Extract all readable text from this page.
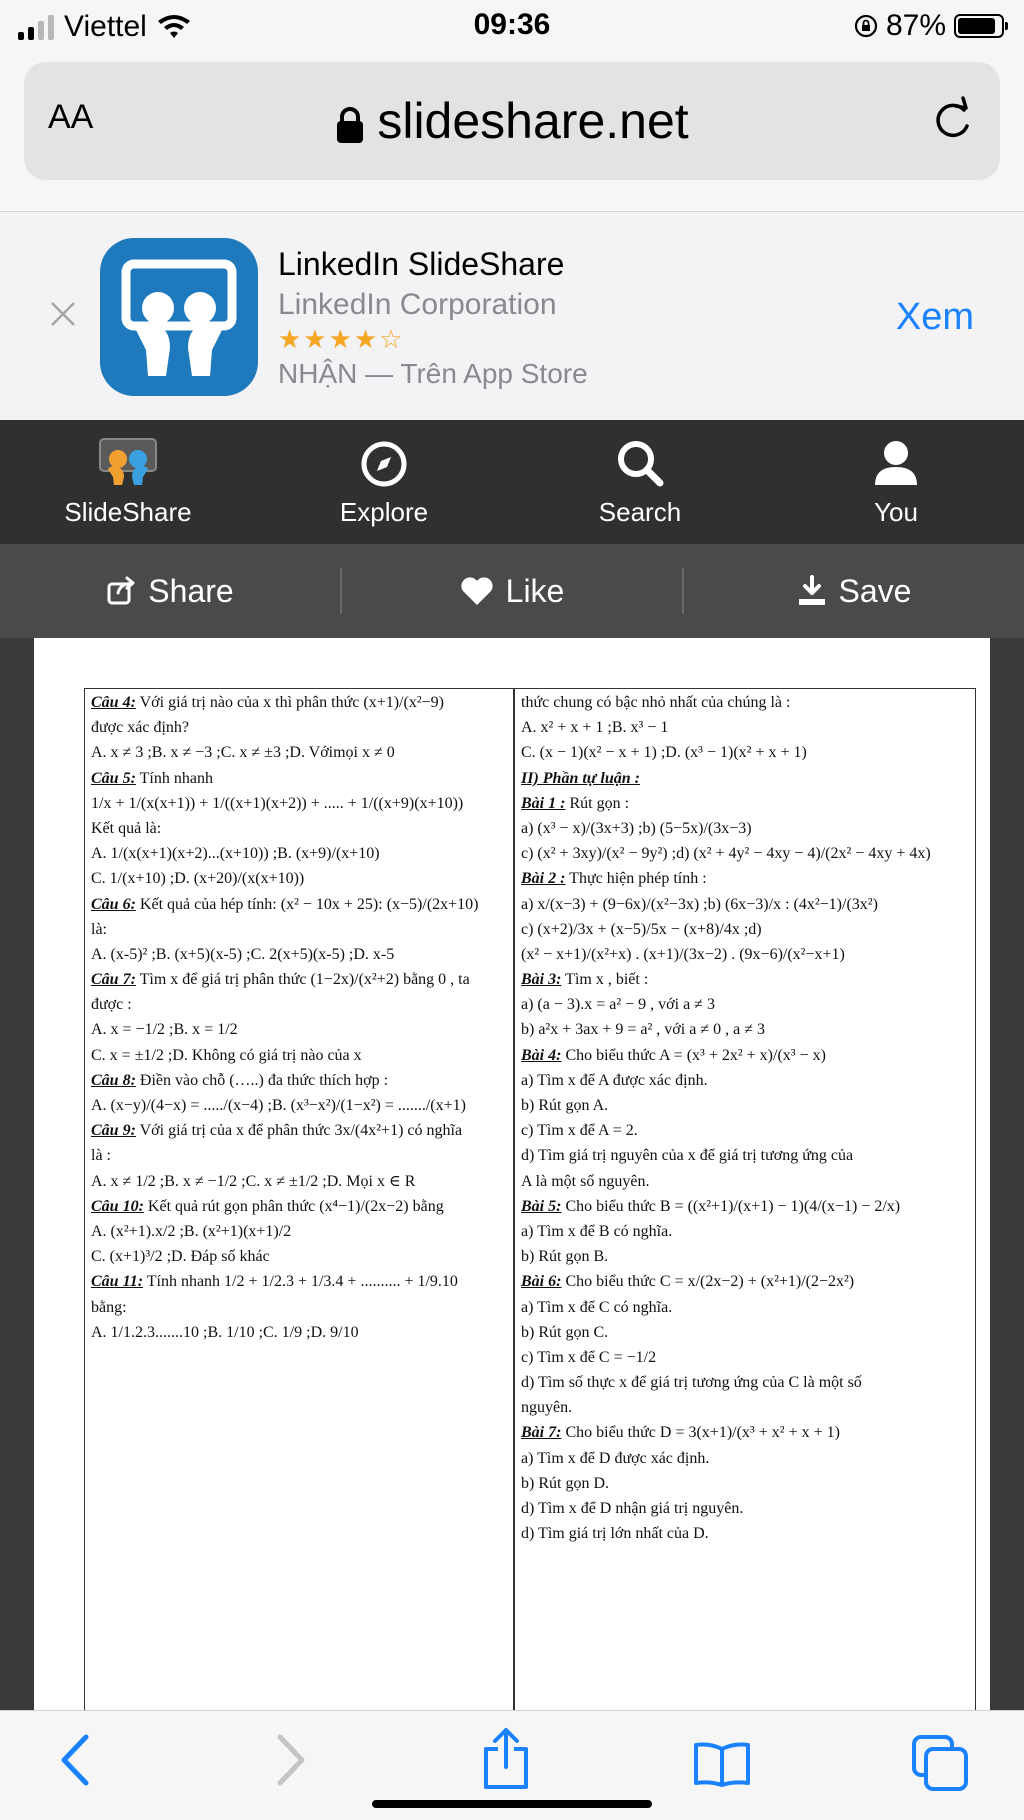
Viettel	09:36	87%
AA	slideshare.net
LinkedIn SlideShare
LinkedIn Corporation
★★★★☆
NHẬN — Trên App Store
Xem
SlideShare	Explore	Search	You
Share	Like	Save
Câu 4: Với giá trị nào của x thì phân thức (x+1)/(x²−9)
được xác định?
A. x ≠ 3 ;B. x ≠ −3 ;C. x ≠ ±3 ;D. Vớimọi x ≠ 0
Câu 5: Tính nhanh
1/x + 1/(x(x+1)) + 1/((x+1)(x+2)) + ..... + 1/((x+9)(x+10))
Kết quả là:
A. 1/(x(x+1)(x+2)...(x+10)) ;B. (x+9)/(x+10)
C. 1/(x+10) ;D. (x+20)/(x(x+10))
Câu 6: Kết quả của hép tính: (x² − 10x + 25): (x−5)/(2x+10)
là:
A. (x-5)² ;B. (x+5)(x-5) ;C. 2(x+5)(x-5) ;D. x-5
Câu 7: Tìm x để giá trị phân thức (1−2x)/(x²+2) bằng 0 , ta
được :
A. x = −1/2 ;B. x = 1/2
C. x = ±1/2 ;D. Không có giá trị nào của x
Câu 8: Điền vào chỗ (…..) đa thức thích hợp :
A. (x−y)/(4−x) = ...../(x−4) ;B. (x³−x²)/(1−x²) = ......./(x+1)
Câu 9: Với giá trị của x để phân thức 3x/(4x²+1) có nghĩa
là :
A. x ≠ 1/2 ;B. x ≠ −1/2 ;C. x ≠ ±1/2 ;D. Mọi x ∈ R
Câu 10: Kết quả rút gọn phân thức (x⁴−1)/(2x−2) bằng
A. (x²+1).x/2 ;B. (x²+1)(x+1)/2
C. (x+1)³/2 ;D. Đáp số khác
Câu 11: Tính nhanh 1/2 + 1/2.3 + 1/3.4 + .......... + 1/9.10
bằng:
A. 1/1.2.3.......10 ;B. 1/10 ;C. 1/9 ;D. 9/10
thức chung có bậc nhỏ nhất của chúng là :
A. x² + x + 1 ;B. x³ − 1
C. (x − 1)(x² − x + 1) ;D. (x³ − 1)(x² + x + 1)
II) Phần tự luận :
Bài 1 : Rút gọn :
a) (x³ − x)/(3x+3) ;b) (5−5x)/(3x−3)
c) (x² + 3xy)/(x² − 9y²) ;d) (x² + 4y² − 4xy − 4)/(2x² − 4xy + 4x)
Bài 2 : Thực hiện phép tính :
a) x/(x−3) + (9−6x)/(x²−3x) ;b) (6x−3)/x : (4x²−1)/(3x²)
c) (x+2)/3x + (x−5)/5x − (x+8)/4x ;d)
(x² − x+1)/(x²+x) . (x+1)/(3x−2) . (9x−6)/(x²−x+1)
Bài 3: Tìm x , biết :
a) (a − 3).x = a² − 9 , với a ≠ 3
b) a²x + 3ax + 9 = a² , với a ≠ 0 , a ≠ 3
Bài 4: Cho biểu thức A = (x³ + 2x² + x)/(x³ − x)
a) Tìm x để A được xác định.
b) Rút gọn A.
c) Tìm x để A = 2.
d) Tìm giá trị nguyên của x để giá trị tương ứng của
A là một số nguyên.
Bài 5: Cho biểu thức B = ((x²+1)/(x+1) − 1)(4/(x−1) − 2/x)
a) Tìm x để B có nghĩa.
b) Rút gọn B.
Bài 6: Cho biểu thức C = x/(2x−2) + (x²+1)/(2−2x²)
a) Tìm x để C có nghĩa.
b) Rút gọn C.
c) Tìm x để C = −1/2
d) Tìm số thực x để giá trị tương ứng của C là một số
nguyên.
Bài 7: Cho biểu thức D = 3(x+1)/(x³ + x² + x + 1)
a) Tìm x để D được xác định.
b) Rút gọn D.
d) Tìm x để D nhận giá trị nguyên.
d) Tìm giá trị lớn nhất của D.
